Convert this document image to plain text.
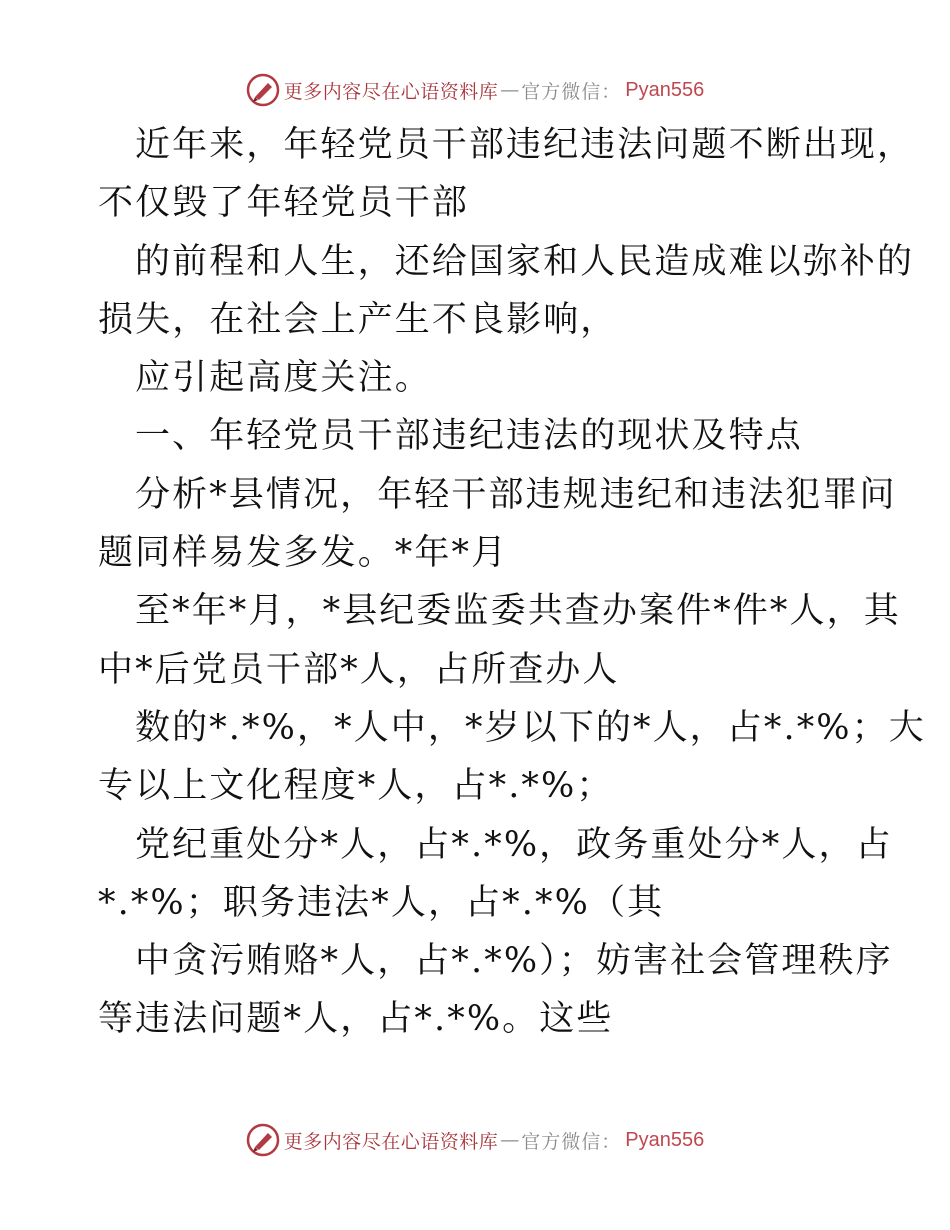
更多内容尽在心语资料库 — 官方微信： Pyan556
近年来，年轻党员干部违纪违法问题不断出现，
不仅毁了年轻党员干部
的前程和人生，还给国家和人民造成难以弥补的
损失，在社会上产生不良影响，
应引起高度关注。
一、年轻党员干部违纪违法的现状及特点
分析*县情况，年轻干部违规违纪和违法犯罪问
题同样易发多发。*年*月
至*年*月，*县纪委监委共查办案件*件*人，其
中*后党员干部*人，占所查办人
数的*.*%，*人中，*岁以下的*人，占*.*%；大
专以上文化程度*人，占*.*%；
党纪重处分*人，占*.*%，政务重处分*人，占
*.*%；职务违法*人，占*.*%（其
中贪污贿赂*人，占*.*%）；妨害社会管理秩序
等违法问题*人，占*.*%。这些
更多内容尽在心语资料库 — 官方微信： Pyan556
